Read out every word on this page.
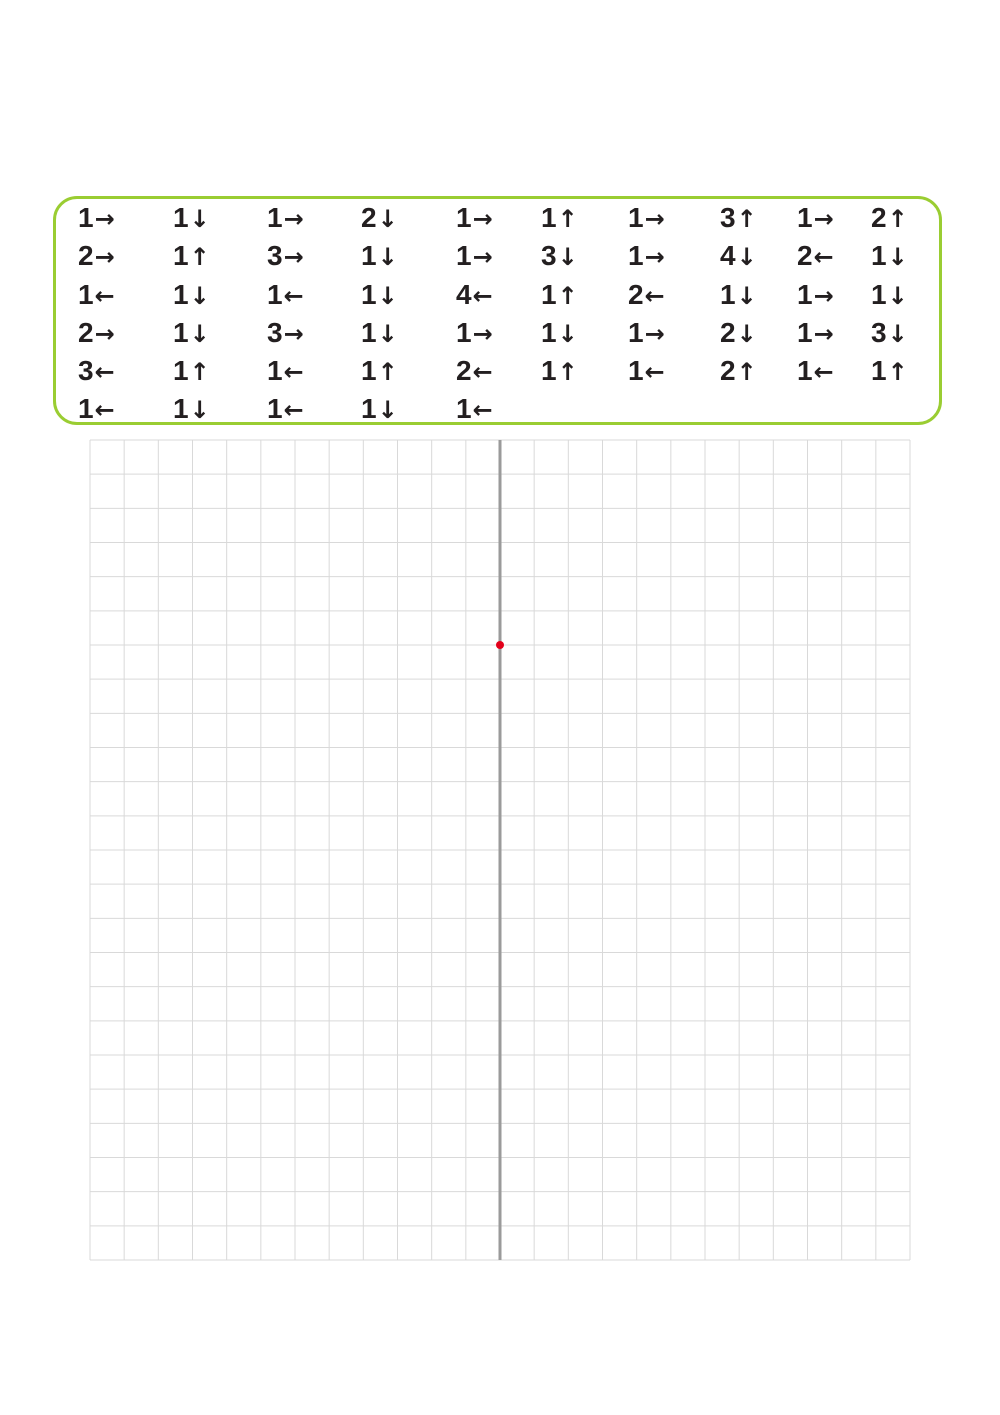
1→ 1↓ 1→ 2↓ 1→ 1↑ 1→ 3↑ 1→ 2↑
2→ 1↑ 3→ 1↓ 1→ 3↓ 1→ 4↓ 2← 1↓
1← 1↓ 1← 1↓ 4← 1↑ 2← 1↓ 1→ 1↓
2→ 1↓ 3→ 1↓ 1→ 1↓ 1→ 2↓ 1→ 3↓
3← 1↑ 1← 1↑ 2← 1↑ 1← 2↑ 1← 1↑
1← 1↓ 1← 1↓ 1←
